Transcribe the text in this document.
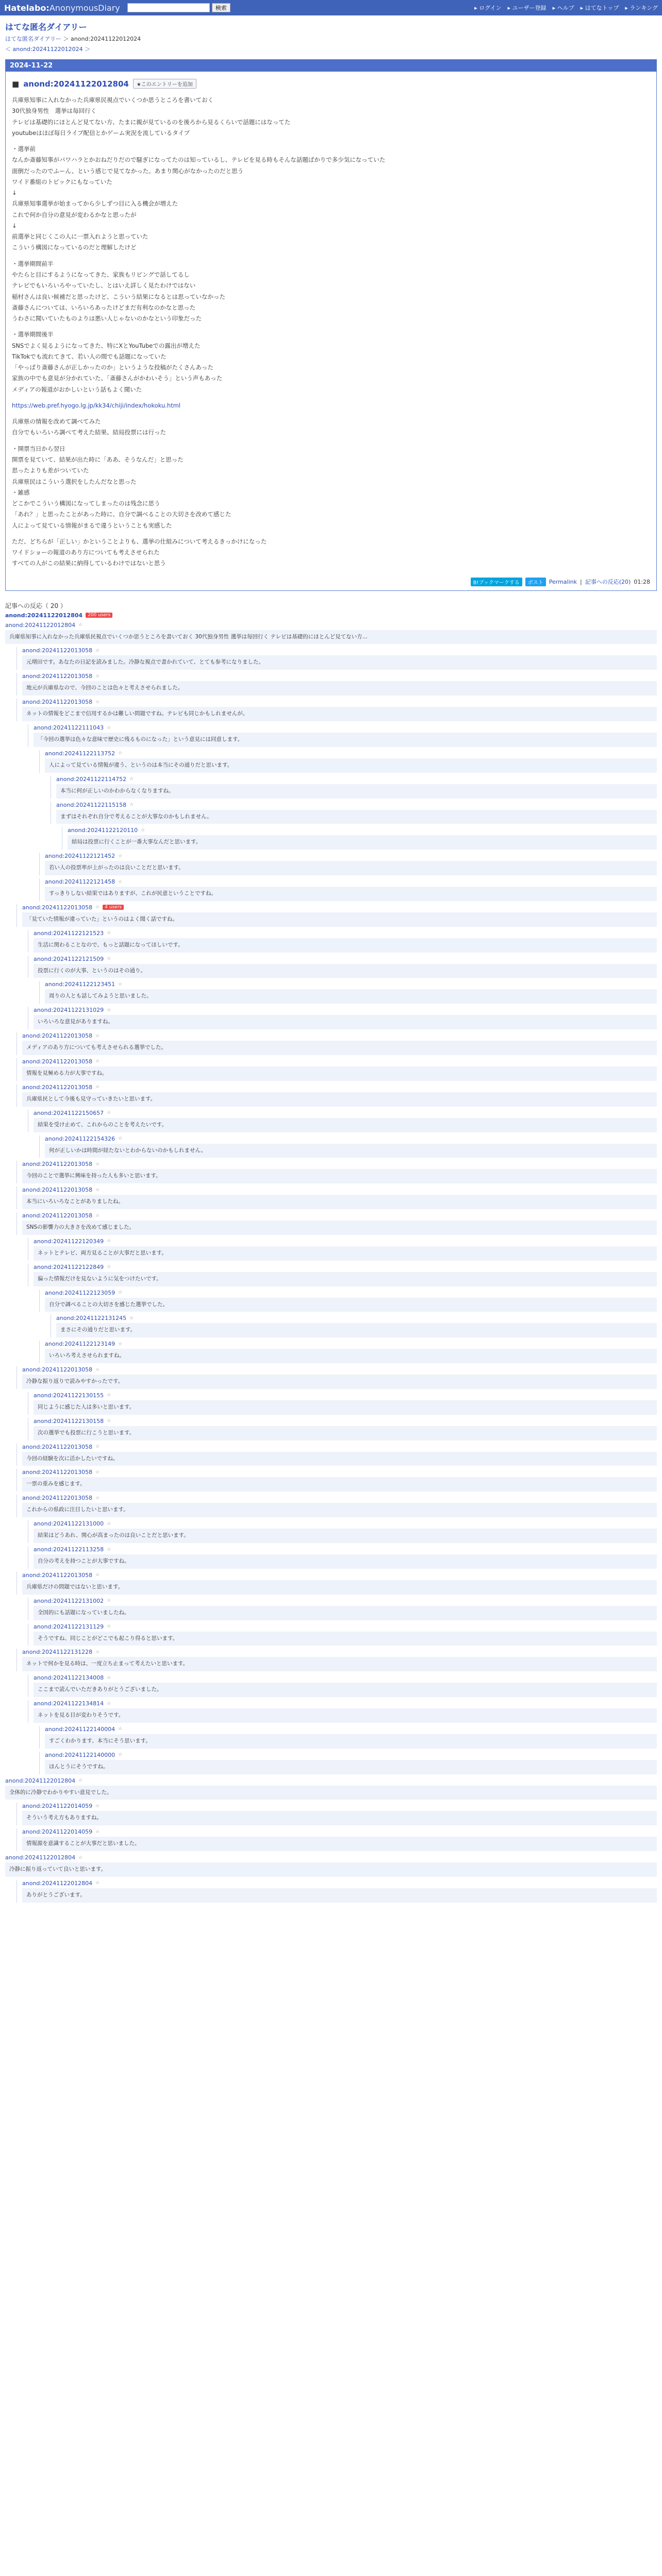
Hatelabo:AnonymousDiary	検索	▸ ログイン ▸ ユーザー登録 ▸ ヘルプ ▸ はてなトップ ▸ ランキング
はてな匿名ダイアリー
はてな匿名ダイアリー ＞ anond:20241122012024
＜ anond:20241122012024 ＞
2024-11-22
■ anond:20241122012804	★このエントリーを追加

兵庫県知事に入れなかった兵庫県民視点でいくつか思うところを書いておく

30代独身男性　選挙は毎回行く

テレビは基礎的にほとんど見てない方、たまに親が見ているのを後ろから見るくらいで話題にはなってた

youtubeはほぼ毎日ライブ配信とかゲーム実況を流しているタイプ

・選挙前

なんか斎藤知事がパワハラとかおねだりだので騒ぎになってたのは知っているし、テレビを見る時もそんな話題ばかりで多少気になっていた

面倒だったのでふーん、という感じで見てなかった。あまり関心がなかったのだと思う

ワイド番組のトピックにもなっていた

↓

兵庫県知事選挙が始まってから少しずつ目に入る機会が増えた

これで何か自分の意見が変わるかなと思ったが

↓

前選挙と同じくこの人に一票入れようと思っていた

こういう構図になっているのだと理解したけど

・選挙期間前半

やたらと目にするようになってきた、家族もリビングで話してるし

テレビでもいろいろやっていたし、とはいえ詳しく見たわけではない

稲村さんは良い候補だと思ったけど、こういう結果になるとは思っていなかった

斎藤さんについては、いろいろあったけどまだ有利なのかなと思った

うわさに聞いていたものよりは悪い人じゃないのかなという印象だった

・選挙期間後半

SNSでよく見るようになってきた、特にXとYouTubeでの露出が増えた

TikTokでも流れてきて、若い人の間でも話題になっていた

「やっぱり斎藤さんが正しかったのか」というような投稿がたくさんあった

家族の中でも意見が分かれていた、「斎藤さんがかわいそう」という声もあった

メディアの報道がおかしいという話もよく聞いた

https://web.pref.hyogo.lg.jp/kk34/chiji/index/hokoku.html

兵庫県の情報を改めて調べてみた

自分でもいろいろ調べて考えた結果、結局投票には行った

・開票当日から翌日

開票を見ていて、結果が出た時に「ああ、そうなんだ」と思った

思ったよりも差がついていた

兵庫県民はこういう選択をしたんだなと思った

・雑感

どこかでこういう構図になってしまったのは残念に思う

「あれ？」と思ったことがあった時に、自分で調べることの大切さを改めて感じた

人によって見ている情報がまるで違うということも実感した

ただ、どちらが「正しい」かということよりも、選挙の仕組みについて考えるきっかけになった

ワイドショーの報道のあり方についても考えさせられた

すべての人がこの結果に納得しているわけではないと思う

B!ブックマークする	ポスト	Permalink | 記事への反応(20) 01:28
記事への反応（ 20 ）
anond:20241122012804	200 users
anond:20241122012804 ☆
兵庫県知事に入れなかった兵庫県民視点でいくつか思うところを書いておく 30代独身男性 選挙は毎回行く テレビは基礎的にほとんど見てない方...
anond:20241122013058 ☆
元増田です。あなたの日記を読みました。冷静な視点で書かれていて、とても参考になりました。
anond:20241122013058 ☆
地元が兵庫県なので、今回のことは色々と考えさせられました。
anond:20241122013058 ☆
ネットの情報をどこまで信用するかは難しい問題ですね。テレビも同じかもしれませんが。
anond:20241122111043 ☆
「今回の選挙は色々な意味で歴史に残るものになった」という意見には同意します。
anond:20241122113752 ☆
人によって見ている情報が違う、というのは本当にその通りだと思います。
anond:20241122114752 ☆
本当に何が正しいのかわからなくなりますね。
anond:20241122115158 ☆
まずはそれぞれ自分で考えることが大事なのかもしれません。
anond:20241122120110 ☆
結局は投票に行くことが一番大事なんだと思います。
anond:20241122121452 ☆
若い人の投票率が上がったのは良いことだと思います。
anond:20241122121458 ☆
すっきりしない結果ではありますが、これが民意ということですね。
anond:20241122013058 ☆	4 users
「見ていた情報が違っていた」というのはよく聞く話ですね。
anond:20241122121523 ☆
生活に関わることなので、もっと話題になってほしいです。
anond:20241122121509 ☆
投票に行くのが大事、というのはその通り。
anond:20241122123451 ☆
周りの人とも話してみようと思いました。
anond:20241122131029 ☆
いろいろな意見がありますね。
anond:20241122013058 ☆
メディアのあり方についても考えさせられる選挙でした。
anond:20241122013058 ☆
情報を見極める力が大事ですね。
anond:20241122013058 ☆
兵庫県民として今後も見守っていきたいと思います。
anond:20241122150657 ☆
結果を受け止めて、これからのことを考えたいです。
anond:20241122154326 ☆
何が正しいかは時間が経たないとわからないのかもしれません。
anond:20241122013058 ☆
今回のことで選挙に興味を持った人も多いと思います。
anond:20241122013058 ☆
本当にいろいろなことがありましたね。
anond:20241122013058 ☆
SNSの影響力の大きさを改めて感じました。
anond:20241122120349 ☆
ネットとテレビ、両方見ることが大事だと思います。
anond:20241122122849 ☆
偏った情報だけを見ないように気をつけたいです。
anond:20241122123059 ☆
自分で調べることの大切さを感じた選挙でした。
anond:20241122131245 ☆
まさにその通りだと思います。
anond:20241122123149 ☆
いろいろ考えさせられますね。
anond:20241122013058 ☆
冷静な振り返りで読みやすかったです。
anond:20241122130155 ☆
同じように感じた人は多いと思います。
anond:20241122130158 ☆
次の選挙でも投票に行こうと思います。
anond:20241122013058 ☆
今回の経験を次に活かしたいですね。
anond:20241122013058 ☆
一票の重みを感じます。
anond:20241122013058 ☆
これからの県政に注目したいと思います。
anond:20241122131000 ☆
結果はどうあれ、関心が高まったのは良いことだと思います。
anond:20241122113258 ☆
自分の考えを持つことが大事ですね。
anond:20241122013058 ☆
兵庫県だけの問題ではないと思います。
anond:20241122131002 ☆
全国的にも話題になっていましたね。
anond:20241122131129 ☆
そうですね、同じことがどこでも起こり得ると思います。
anond:20241122131228 ☆
ネットで何かを見る時は、一度立ち止まって考えたいと思います。
anond:20241122134008 ☆
ここまで読んでいただきありがとうございました。
anond:20241122134814 ☆
ネットを見る目が変わりそうです。
anond:20241122140004 ☆
すごくわかります、本当にそう思います。
anond:20241122140000 ☆
ほんとうにそうですね。
anond:20241122012804 ☆
全体的に冷静でわかりやすい意見でした。
anond:20241122014059 ☆
そういう考え方もありますね。
anond:20241122014059 ☆
情報源を意識することが大事だと思いました。
anond:20241122012804 ☆
冷静に振り返っていて良いと思います。
anond:20241122012804 ☆
ありがとうございます。
